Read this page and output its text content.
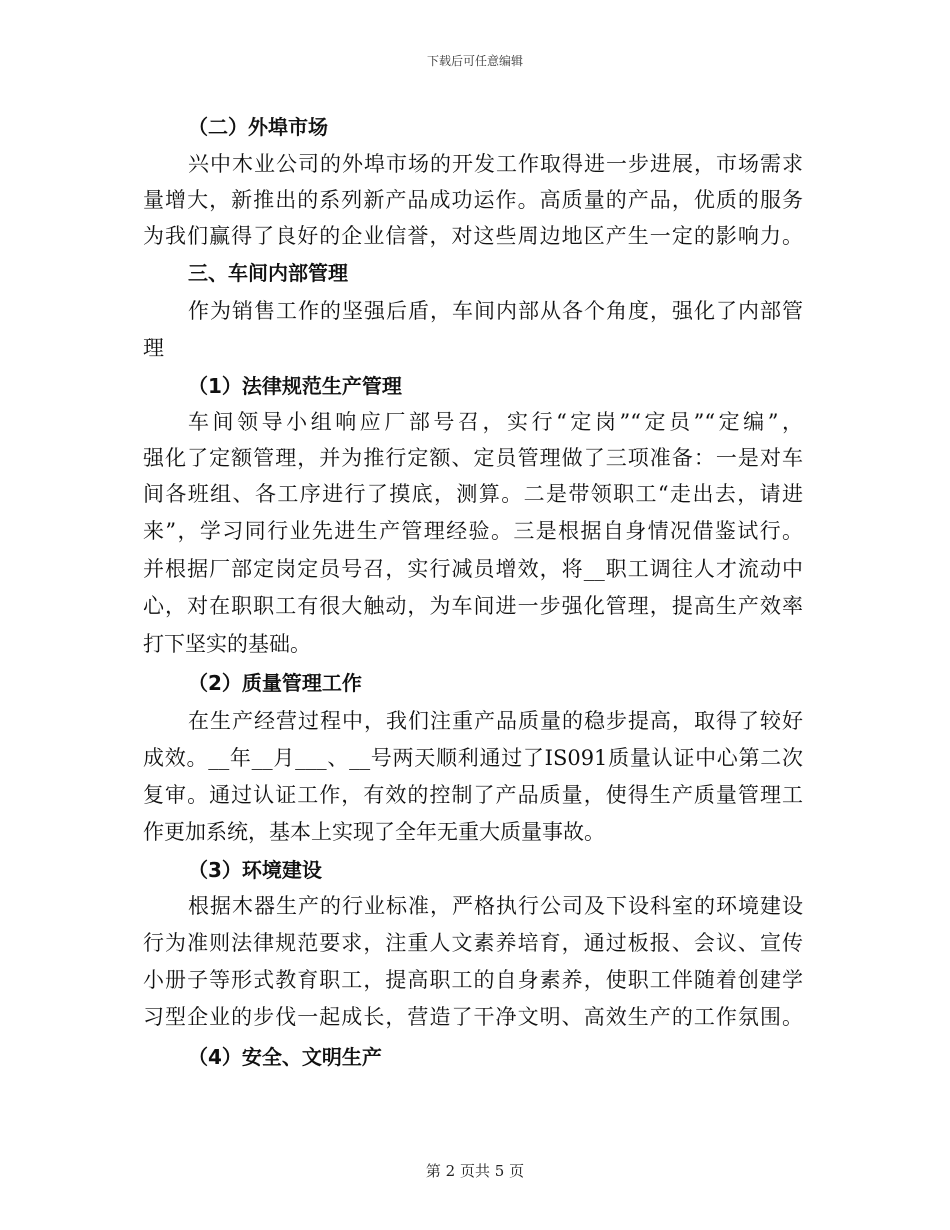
下载后可任意编辑
（二）外埠市场
兴中木业公司的外埠市场的开发工作取得进一步进展，市场需求
量增大，新推出的系列新产品成功运作。高质量的产品，优质的服务
为我们赢得了良好的企业信誉，对这些周边地区产生一定的影响力。
三、车间内部管理
作为销售工作的坚强后盾，车间内部从各个角度，强化了内部管
理
（1）法律规范生产管理
车间领导小组响应厂部号召，实行“定岗”“定员”“定编”，
强化了定额管理，并为推行定额、定员管理做了三项准备：一是对车
间各班组、各工序进行了摸底，测算。二是带领职工“走出去，请进
来”，学习同行业先进生产管理经验。三是根据自身情况借鉴试行。
并根据厂部定岗定员号召，实行减员增效，将__职工调往人才流动中
心，对在职职工有很大触动，为车间进一步强化管理，提高生产效率
打下坚实的基础。
（2）质量管理工作
在生产经营过程中，我们注重产品质量的稳步提高，取得了较好
成效。__年__月___、__号两天顺利通过了IS091质量认证中心第二次
复审。通过认证工作，有效的控制了产品质量，使得生产质量管理工
作更加系统，基本上实现了全年无重大质量事故。
（3）环境建设
根据木器生产的行业标准，严格执行公司及下设科室的环境建设
行为准则法律规范要求，注重人文素养培育，通过板报、会议、宣传
小册子等形式教育职工，提高职工的自身素养，使职工伴随着创建学
习型企业的步伐一起成长，营造了干净文明、高效生产的工作氛围。
（4）安全、文明生产
第 2 页共 5 页
